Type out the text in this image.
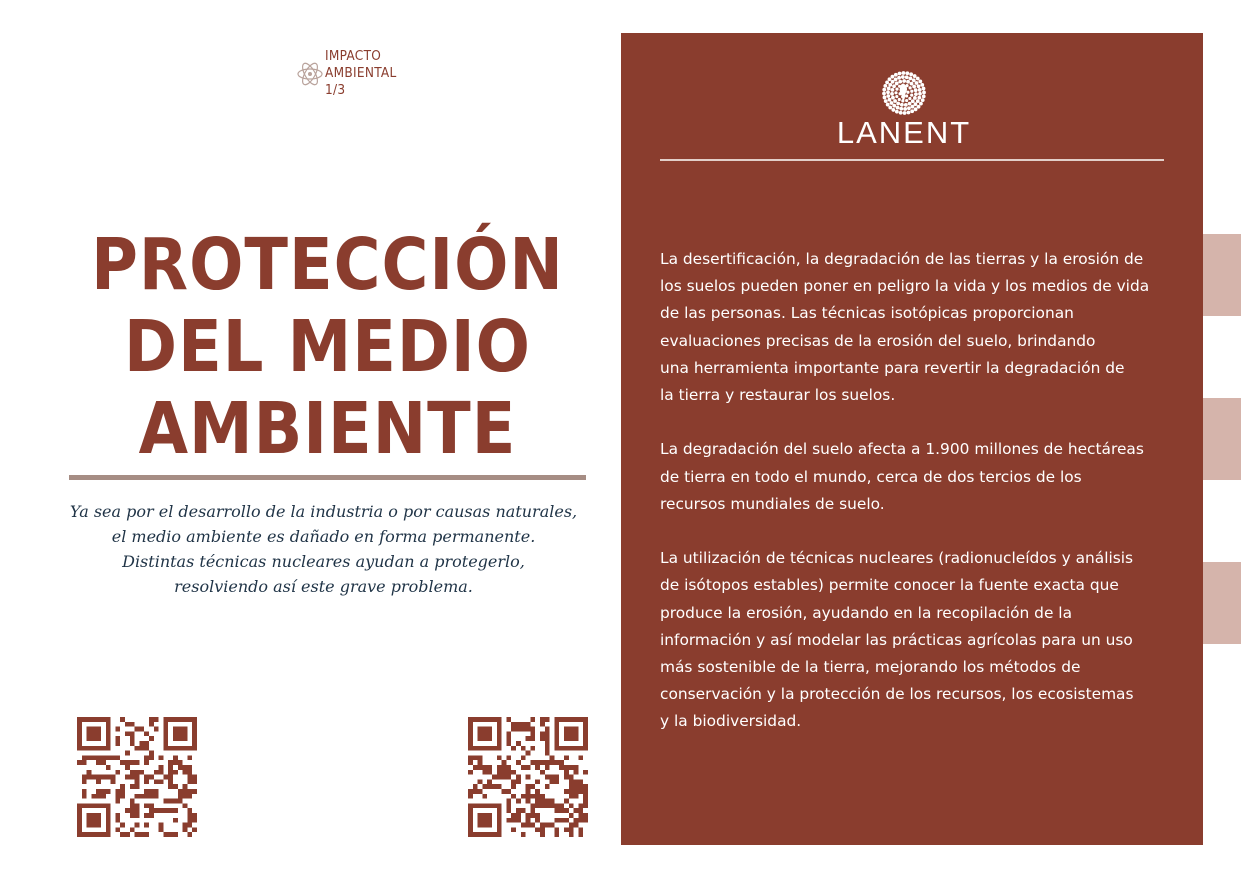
IMPACTO
AMBIENTAL
1/3
PROTECCIÓN
DEL MEDIO
AMBIENTE
Ya sea por el desarrollo de la industria o por causas naturales,
el medio ambiente es dañado en forma permanente.
Distintas técnicas nucleares ayudan a protegerlo,
resolviendo así este grave problema.
LANENT

La desertificación, la degradación de las tierras y la erosión de
los suelos pueden poner en peligro la vida y los medios de vida
de las personas. Las técnicas isotópicas proporcionan
evaluaciones precisas de la erosión del suelo, brindando
una herramienta importante para revertir la degradación de
la tierra y restaurar los suelos.

La degradación del suelo afecta a 1.900 millones de hectáreas
de tierra en todo el mundo, cerca de dos tercios de los
recursos mundiales de suelo.

La utilización de técnicas nucleares (radionucleídos y análisis
de isótopos estables) permite conocer la fuente exacta que
produce la erosión, ayudando en la recopilación de la
información y así modelar las prácticas agrícolas para un uso
más sostenible de la tierra, mejorando los métodos de
conservación y la protección de los recursos, los ecosistemas
y la biodiversidad.
